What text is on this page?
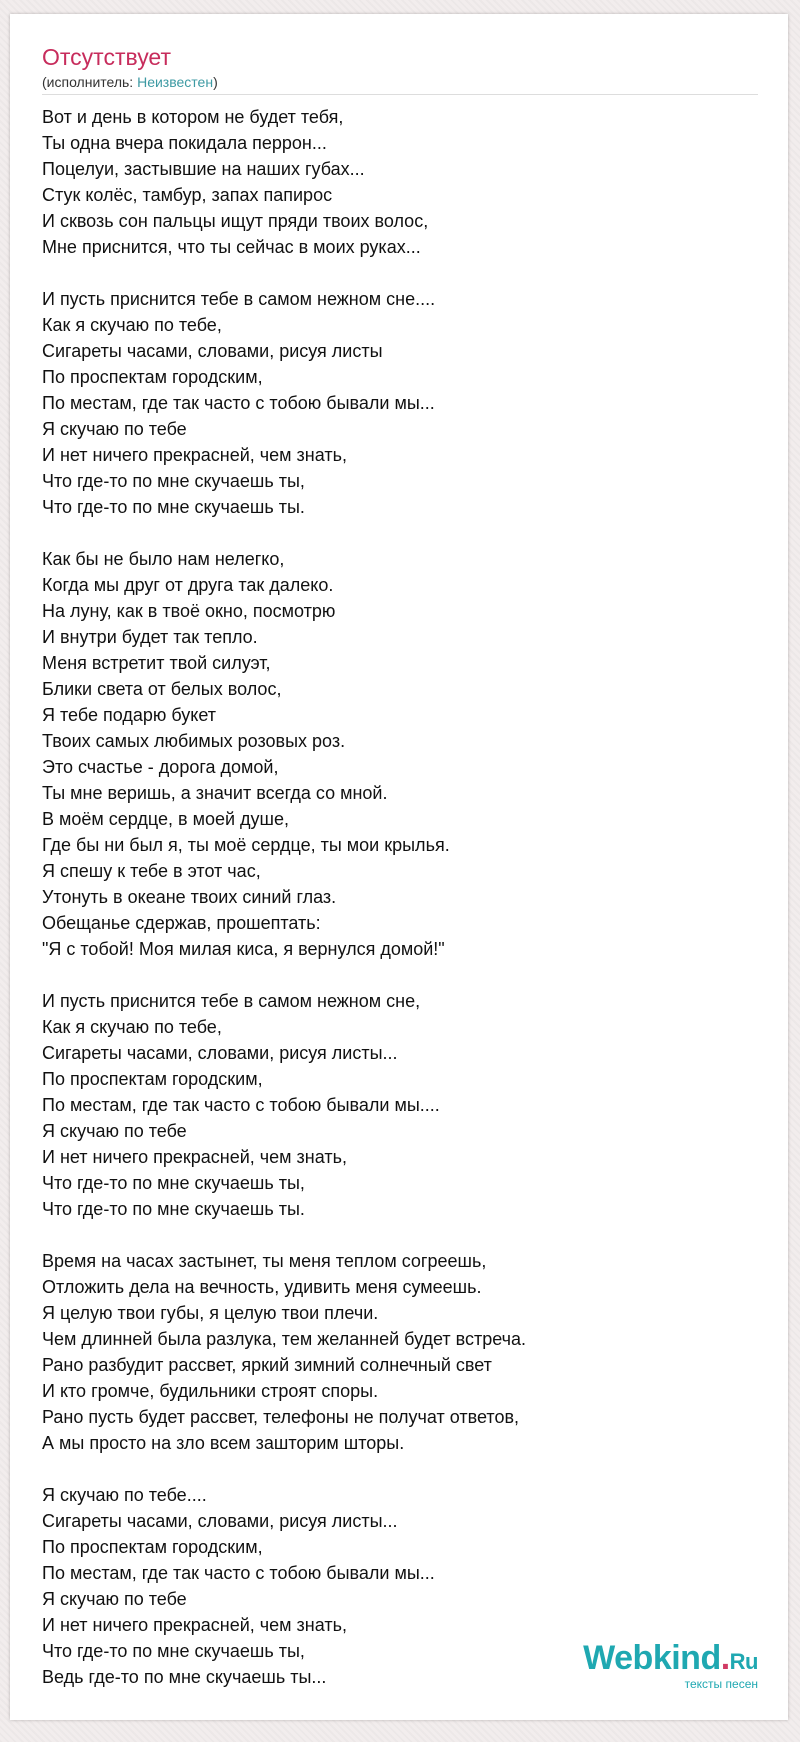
Отсутствует
(исполнитель: Неизвестен)
Вот и день в котором не будет тебя,
Ты одна вчера покидала перрон...
Поцелуи, застывшие на наших губах...
Стук колёс, тамбур, запах папирос
И сквозь сон пальцы ищут пряди твоих волос,
Мне приснится, что ты сейчас в моих руках...
И пусть приснится тебе в самом нежном сне....
Как я скучаю по тебе,
Сигареты часами, словами, рисуя листы
По проспектам городским,
По местам, где так часто с тобою бывали мы...
Я скучаю по тебе
И нет ничего прекрасней, чем знать,
Что где-то по мне скучаешь ты,
Что где-то по мне скучаешь ты.
Как бы не было нам нелегко,
Когда мы друг от друга так далеко.
На луну, как в твоё окно, посмотрю
И внутри будет так тепло.
Меня встретит твой силуэт,
Блики света от белых волос,
Я тебе подарю букет
Твоих самых любимых розовых роз.
Это счастье - дорога домой,
Ты мне веришь, а значит всегда со мной.
В моём сердце, в моей душе,
Где бы ни был я, ты моё сердце, ты мои крылья.
Я спешу к тебе в этот час,
Утонуть в океане твоих синий глаз.
Обещанье сдержав, прошептать:
"Я с тобой! Моя милая киса, я вернулся домой!"
И пусть приснится тебе в самом нежном сне,
Как я скучаю по тебе,
Сигареты часами, словами, рисуя листы...
По проспектам городским,
По местам, где так часто с тобою бывали мы....
Я скучаю по тебе
И нет ничего прекрасней, чем знать,
Что где-то по мне скучаешь ты,
Что где-то по мне скучаешь ты.
Время на часах застынет, ты меня теплом согреешь,
Отложить дела на вечность, удивить меня сумеешь.
Я целую твои губы, я целую твои плечи.
Чем длинней была разлука, тем желанней будет встреча.
Рано разбудит рассвет, яркий зимний солнечный свет
И кто громче, будильники строят споры.
Рано пусть будет рассвет, телефоны не получат ответов,
А мы просто на зло всем зашторим шторы.
Я скучаю по тебе....
Сигареты часами, словами, рисуя листы...
По проспектам городским,
По местам, где так часто с тобою бывали мы...
Я скучаю по тебе
И нет ничего прекрасней, чем знать,
Что где-то по мне скучаешь ты,
Ведь где-то по мне скучаешь ты...	Webkind.Ru
тексты песен
